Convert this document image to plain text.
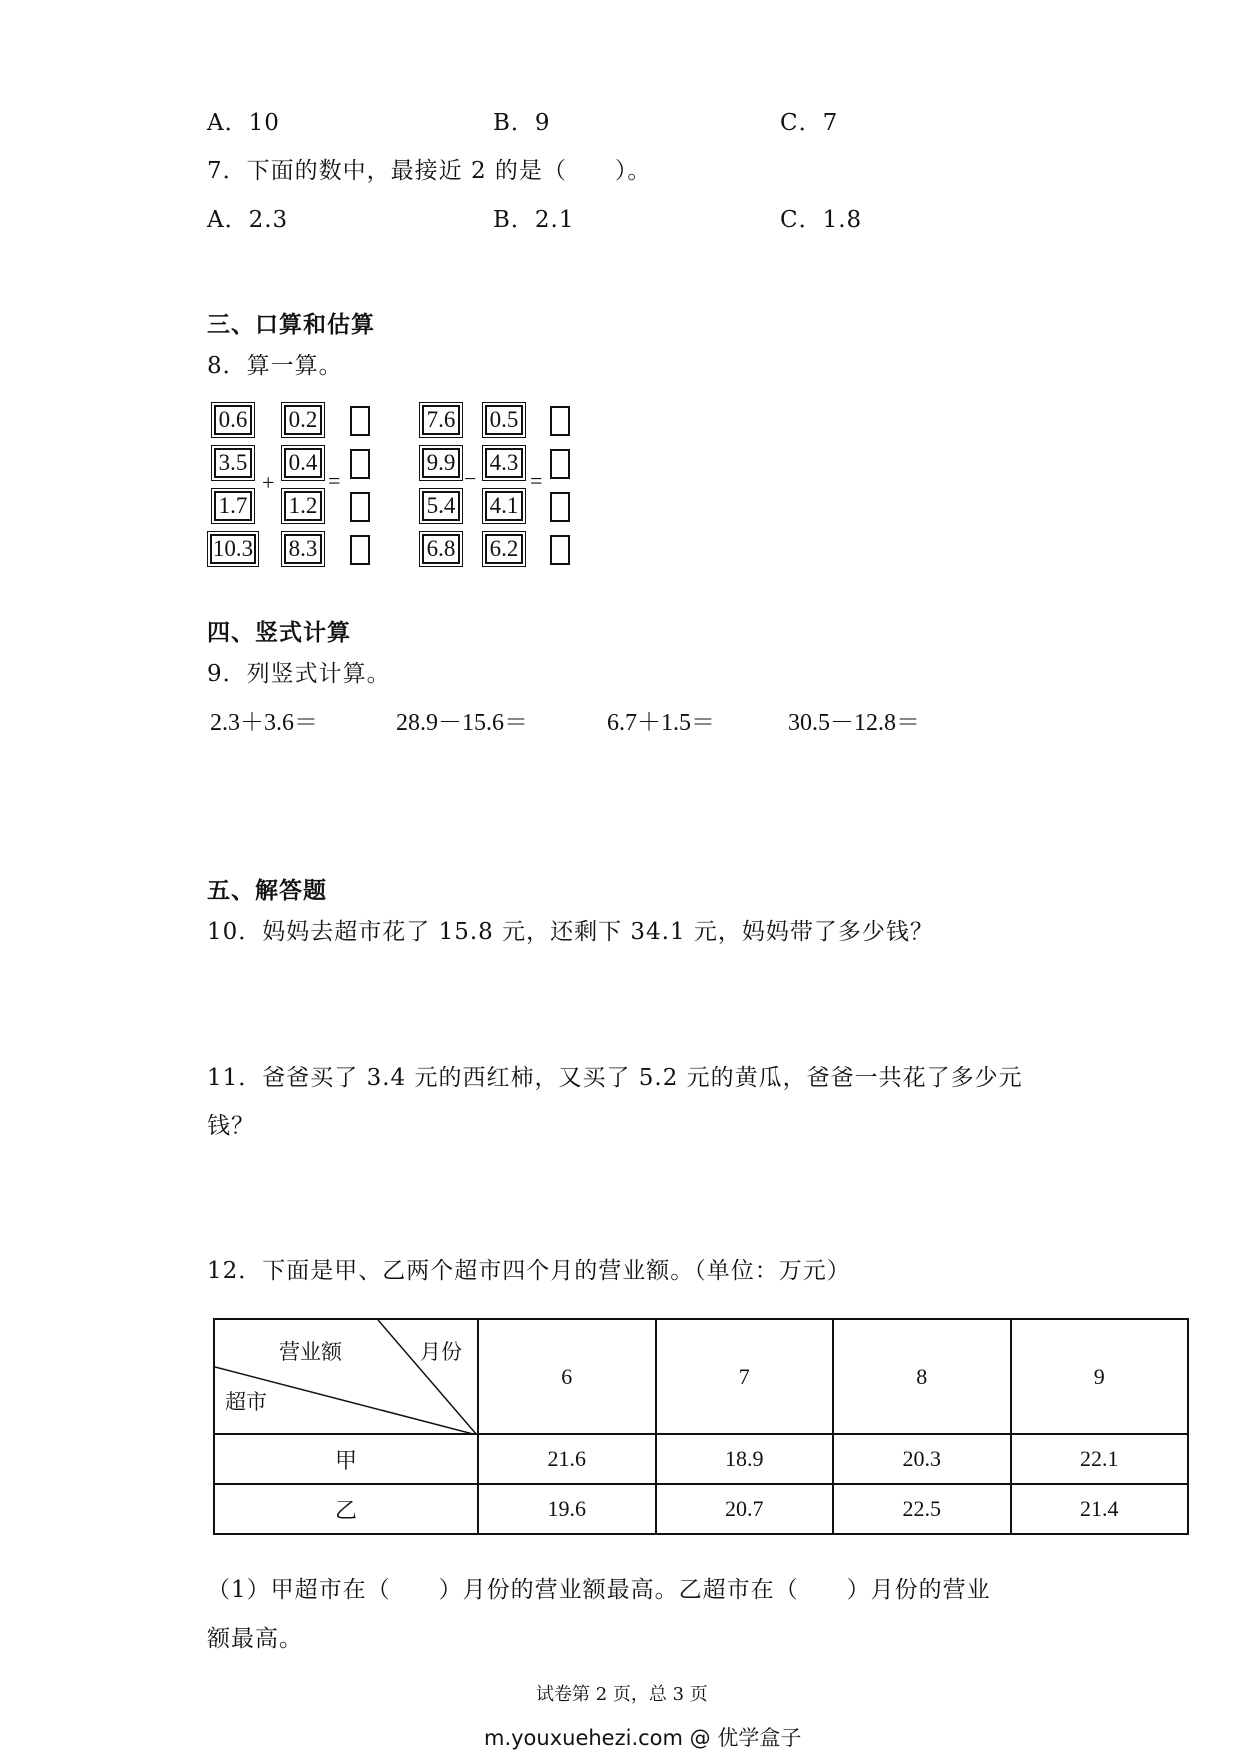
A．10	B．9	C．7
7．下面的数中，最接近 2 的是（　　）。
A．2.3	B．2.1	C．1.8
三、口算和估算
8．算一算。
0.6
3.5
1.7
10.3
+
0.2
0.4
1.2
8.3
=
7.6
9.9
5.4
6.8
−
0.5
4.3
4.1
6.2
=
四、竖式计算
9．列竖式计算。
2.3＋3.6＝	28.9－15.6＝	6.7＋1.5＝	30.5－12.8＝
五、解答题
10．妈妈去超市花了 15.8 元，还剩下 34.1 元，妈妈带了多少钱？
11．爸爸买了 3.4 元的西红柿，又买了 5.2 元的黄瓜，爸爸一共花了多少元
钱？
12．下面是甲、乙两个超市四个月的营业额。（单位：万元）
营业额 月份
超市	6	7	8	9
甲	21.6	18.9	20.3	22.1
乙	19.6	20.7	22.5	21.4
（1）甲超市在（　　）月份的营业额最高。乙超市在（　　）月份的营业
额最高。
试卷第 2 页，总 3 页
m.youxuehezi.com @ 优学盒子
